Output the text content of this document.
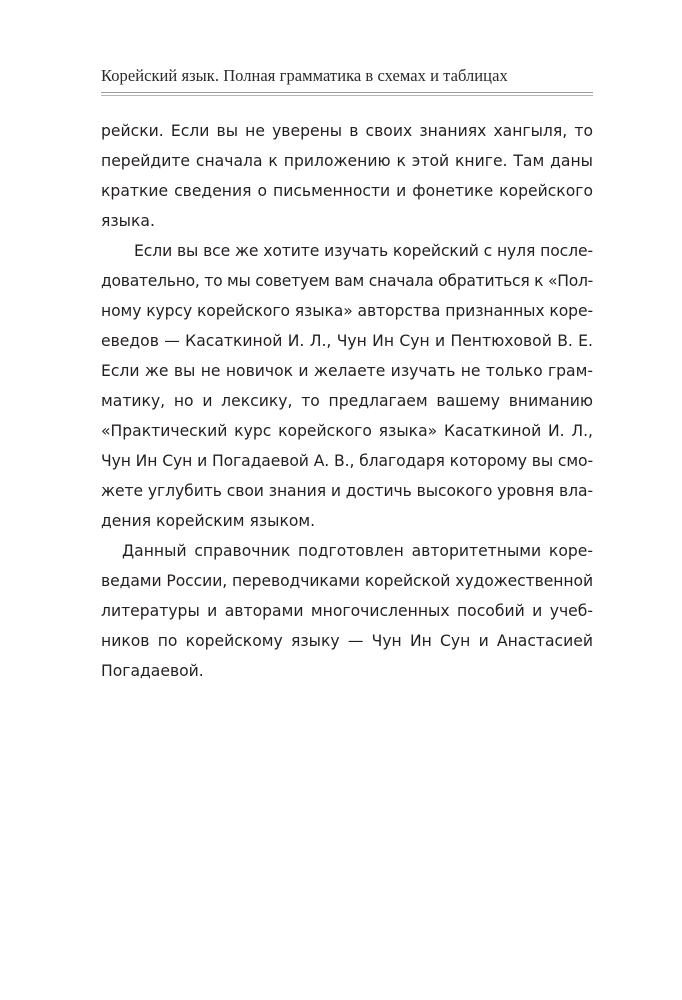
Корейский язык. Полная грамматика в схемах и таблицах
рейски. Если вы не уверены в своих знаниях хангыля, то
перейдите сначала к приложению к этой книге. Там даны
краткие сведения о письменности и фонетике корейского
языка.
Если вы все же хотите изучать корейский с нуля после-
довательно, то мы советуем вам сначала обратиться к «Пол-
ному курсу корейского языка» авторства признанных коре-
еведов — Касаткиной И. Л., Чун Ин Сун и Пентюховой В. Е.
Если же вы не новичок и желаете изучать не только грам-
матику, но и лексику, то предлагаем вашему вниманию
«Практический курс корейского языка» Касаткиной И. Л.,
Чун Ин Сун и Погадаевой А. В., благодаря которому вы смо-
жете углубить свои знания и достичь высокого уровня вла-
дения корейским языком.
Данный справочник подготовлен авторитетными коре-
ведами России, переводчиками корейской художественной
литературы и авторами многочисленных пособий и учеб-
ников по корейскому языку — Чун Ин Сун и Анастасией
Погадаевой.
